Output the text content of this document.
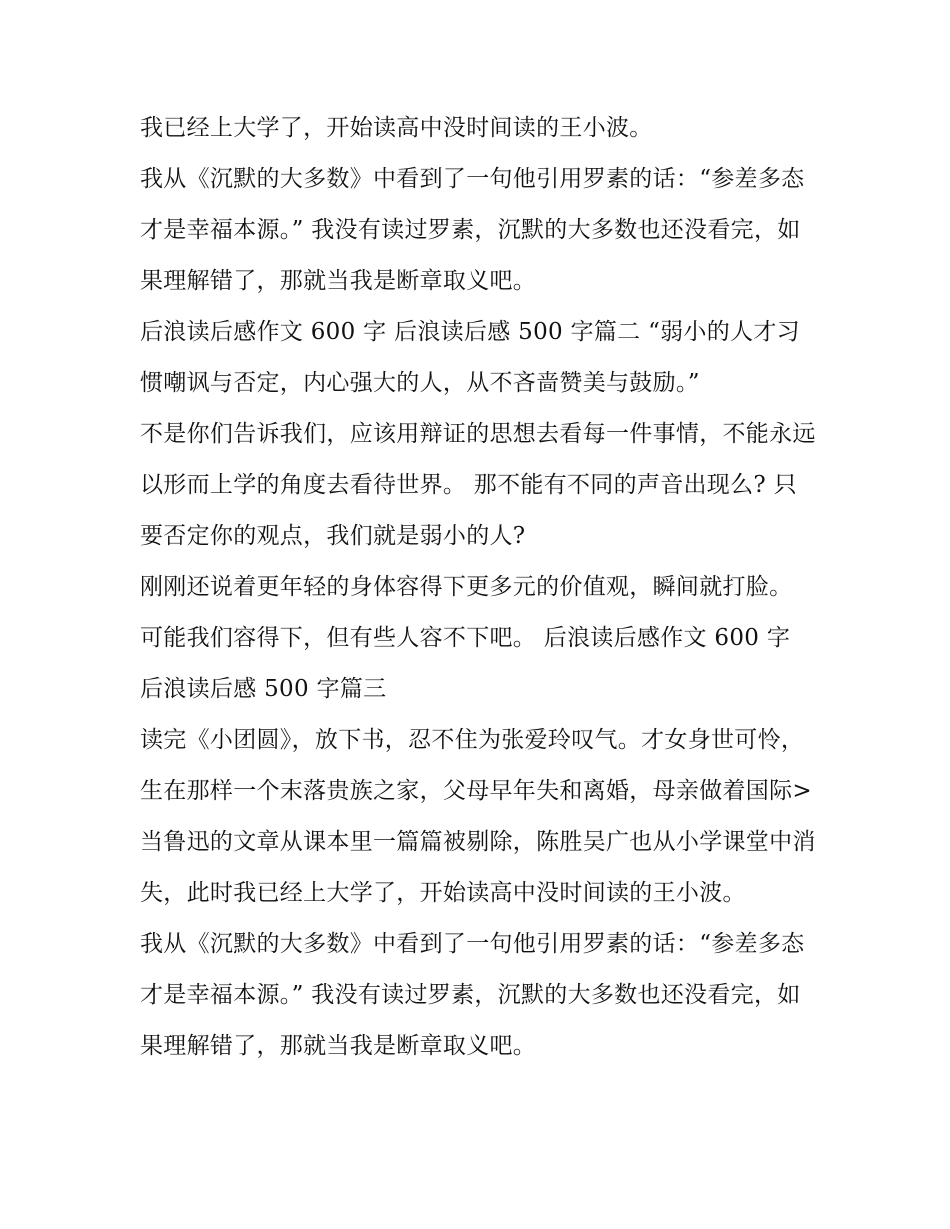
我已经上大学了，开始读高中没时间读的王小波。

我从《沉默的大多数》中看到了一句他引用罗素的话：“参差多态才是幸福本源。” 我没有读过罗素，沉默的大多数也还没看完，如果理解错了，那就当我是断章取义吧。

后浪读后感作文 600 字 后浪读后感 500 字篇二 “弱小的人才习惯嘲讽与否定，内心强大的人，从不吝啬赞美与鼓励。”

不是你们告诉我们，应该用辩证的思想去看每一件事情，不能永远以形而上学的角度去看待世界。 那不能有不同的声音出现么? 只要否定你的观点，我们就是弱小的人?

刚刚还说着更年轻的身体容得下更多元的价值观，瞬间就打脸。 可能我们容得下，但有些人容不下吧。 后浪读后感作文 600 字 后浪读后感 500 字篇三

读完《小团圆》，放下书，忍不住为张爱玲叹气。才女身世可怜，生在那样一个末落贵族之家，父母早年失和离婚，母亲做着国际>当鲁迅的文章从课本里一篇篇被剔除，陈胜吴广也从小学课堂中消失，此时我已经上大学了，开始读高中没时间读的王小波。

我从《沉默的大多数》中看到了一句他引用罗素的话：“参差多态才是幸福本源。” 我没有读过罗素，沉默的大多数也还没看完，如果理解错了，那就当我是断章取义吧。
